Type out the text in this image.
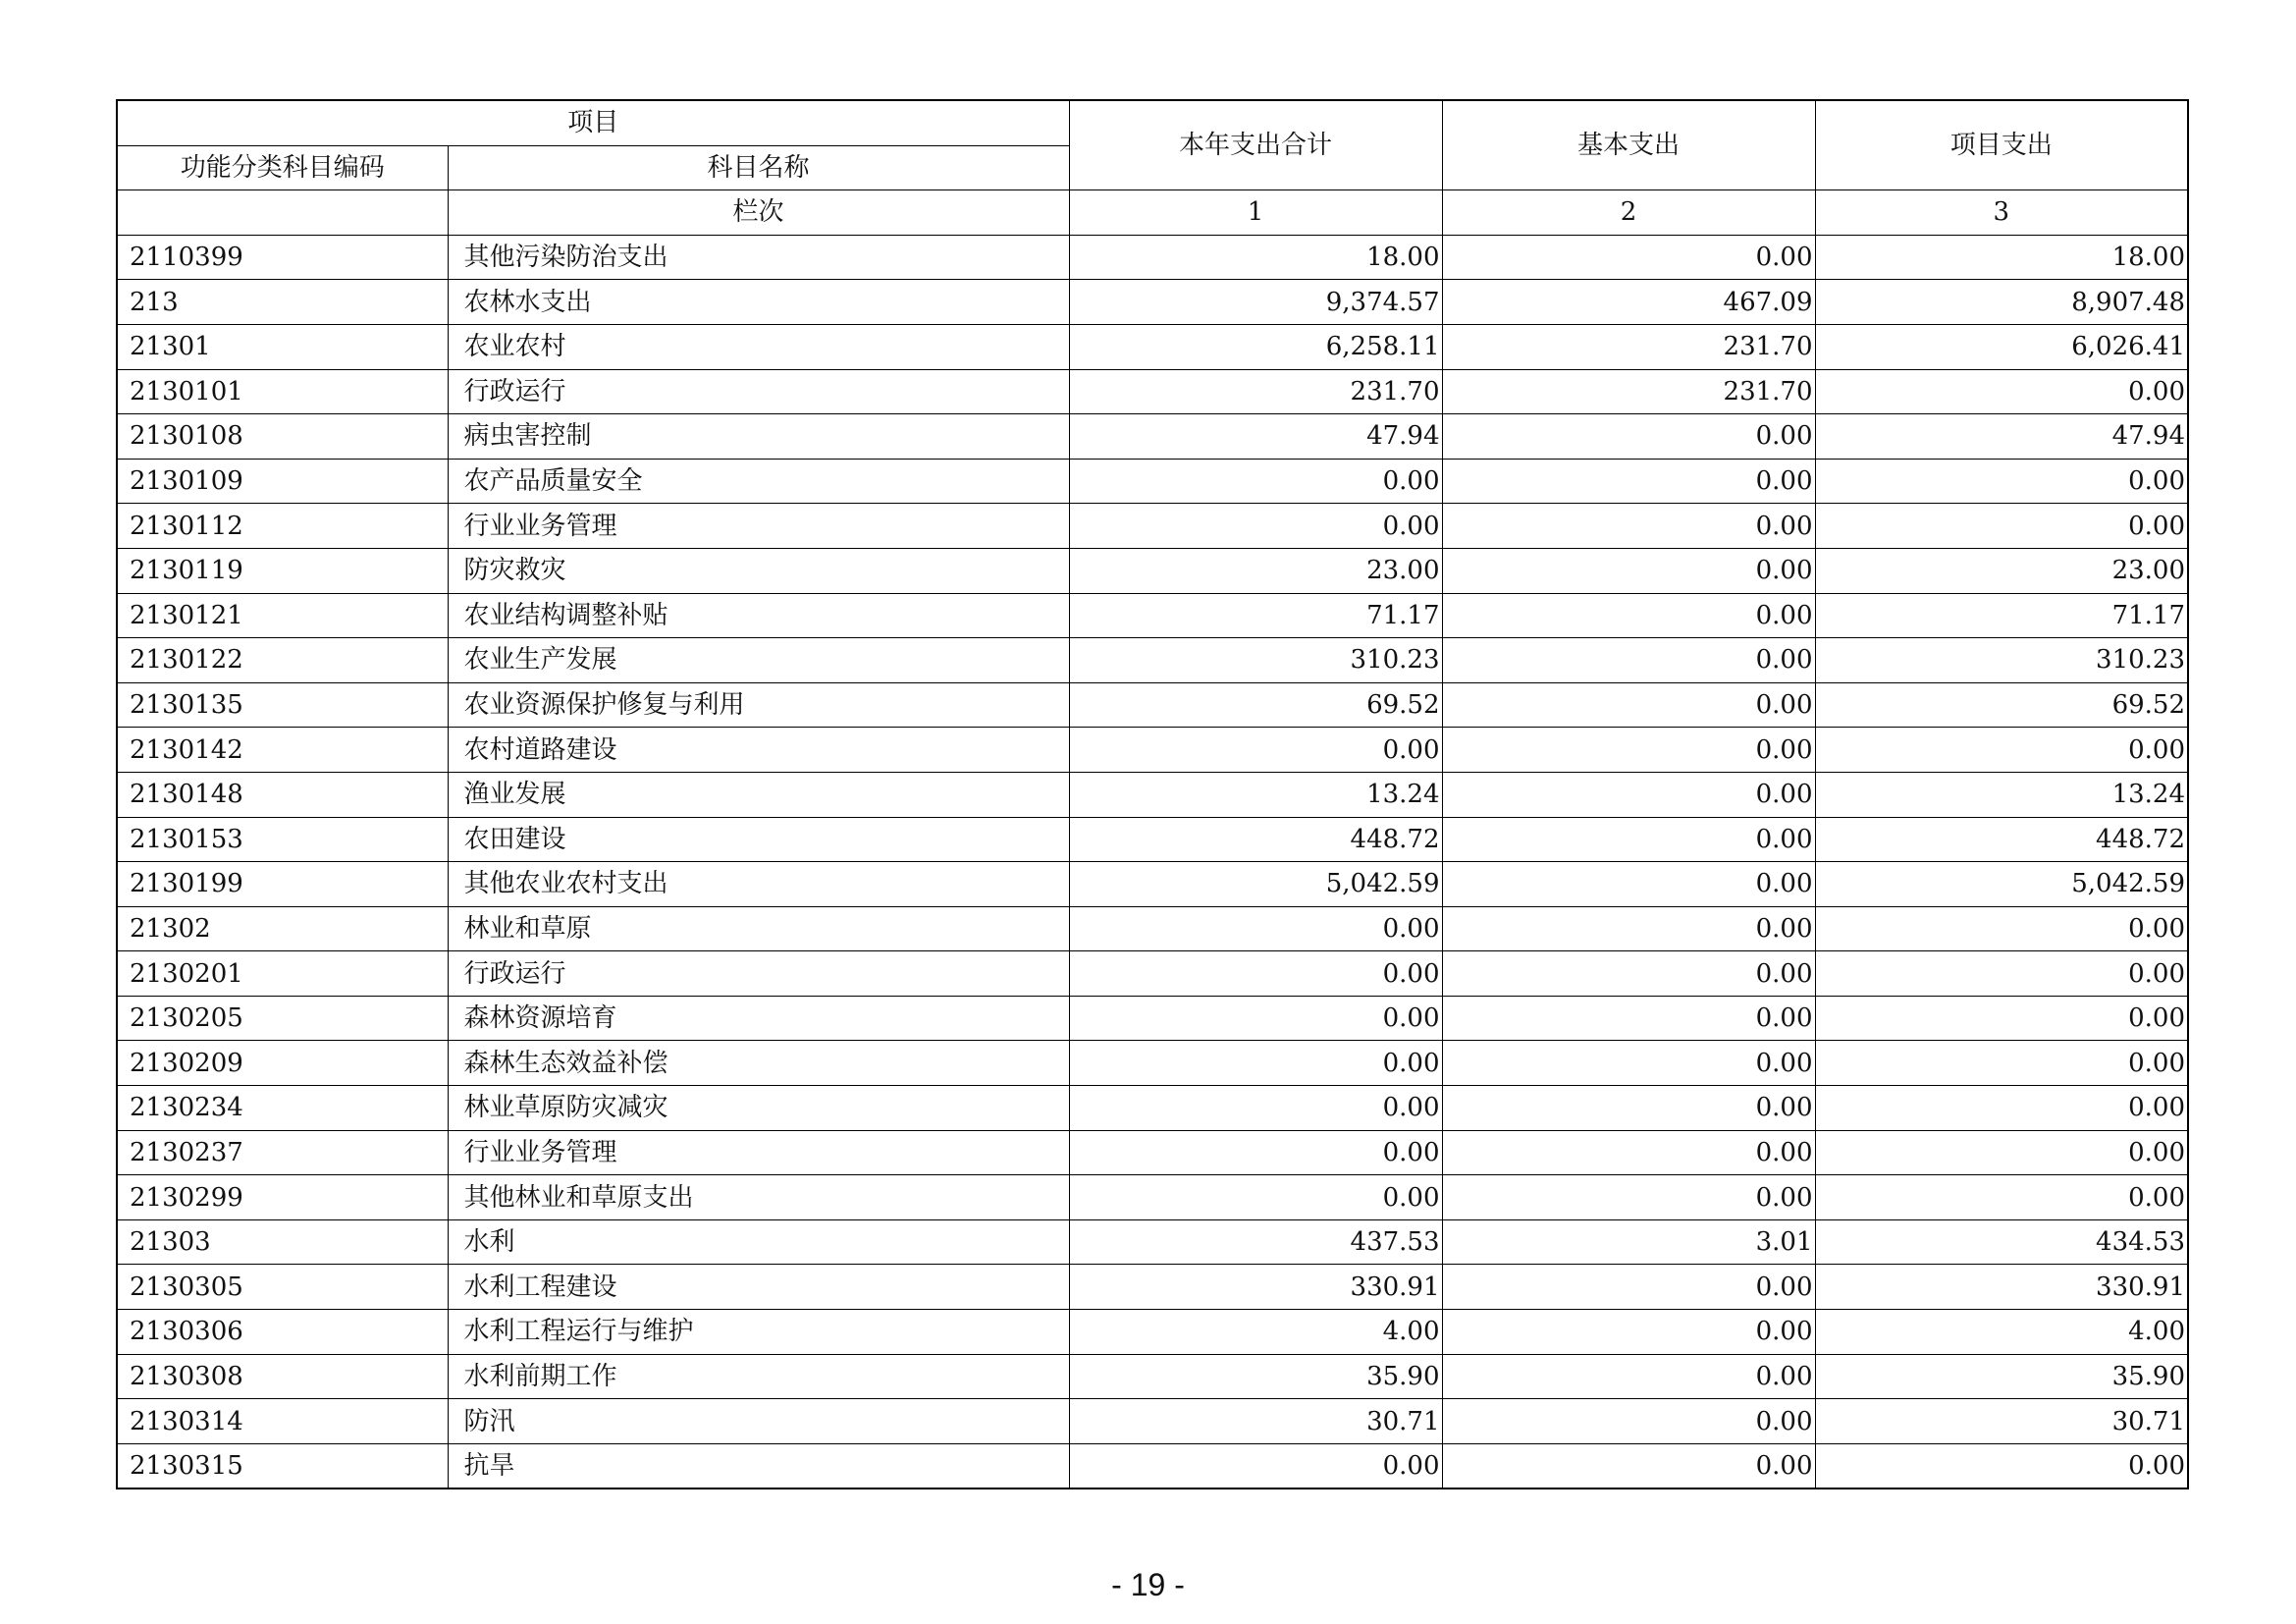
项目		本年支出合计	基本支出	项目支出
功能分类科目编码	科目名称			
	栏次	1	2	3
2110399	其他污染防治支出	18.00	0.00	18.00
213	农林水支出	9,374.57	467.09	8,907.48
21301	农业农村	6,258.11	231.70	6,026.41
2130101	行政运行	231.70	231.70	0.00
2130108	病虫害控制	47.94	0.00	47.94
2130109	农产品质量安全	0.00	0.00	0.00
2130112	行业业务管理	0.00	0.00	0.00
2130119	防灾救灾	23.00	0.00	23.00
2130121	农业结构调整补贴	71.17	0.00	71.17
2130122	农业生产发展	310.23	0.00	310.23
2130135	农业资源保护修复与利用	69.52	0.00	69.52
2130142	农村道路建设	0.00	0.00	0.00
2130148	渔业发展	13.24	0.00	13.24
2130153	农田建设	448.72	0.00	448.72
2130199	其他农业农村支出	5,042.59	0.00	5,042.59
21302	林业和草原	0.00	0.00	0.00
2130201	行政运行	0.00	0.00	0.00
2130205	森林资源培育	0.00	0.00	0.00
2130209	森林生态效益补偿	0.00	0.00	0.00
2130234	林业草原防灾减灾	0.00	0.00	0.00
2130237	行业业务管理	0.00	0.00	0.00
2130299	其他林业和草原支出	0.00	0.00	0.00
21303	水利	437.53	3.01	434.53
2130305	水利工程建设	330.91	0.00	330.91
2130306	水利工程运行与维护	4.00	0.00	4.00
2130308	水利前期工作	35.90	0.00	35.90
2130314	防汛	30.71	0.00	30.71
2130315	抗旱	0.00	0.00	0.00
- 19 -
